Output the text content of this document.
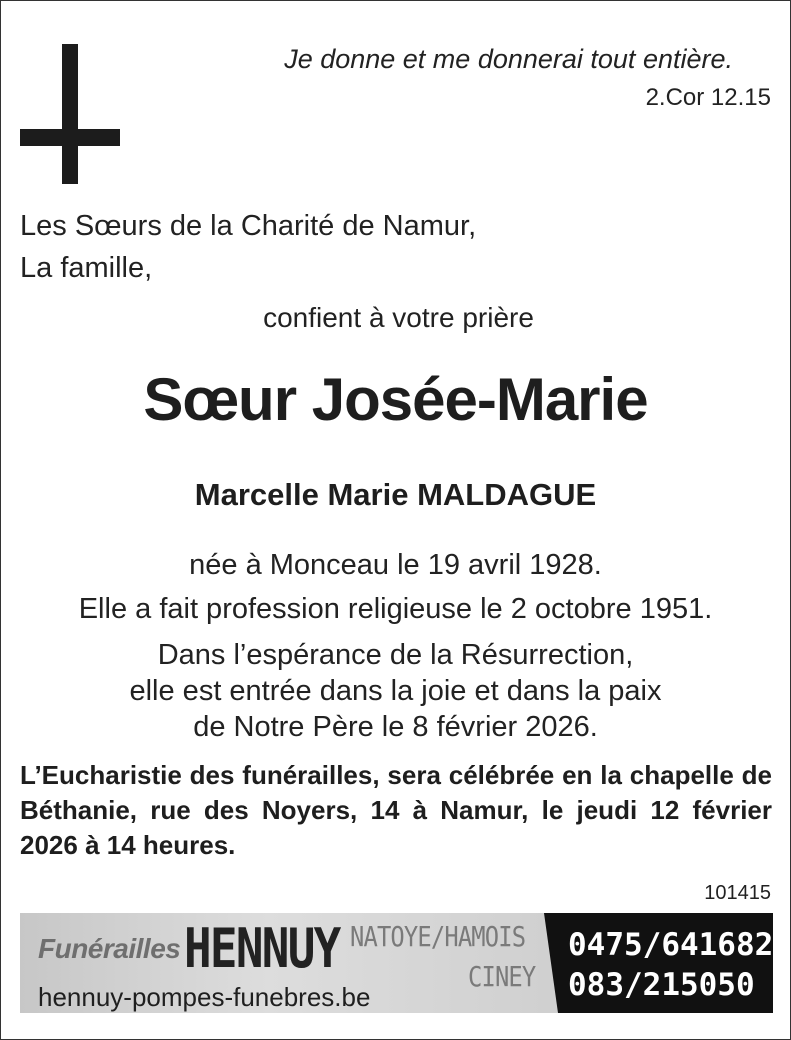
Je donne et me donnerai tout entière.
2.Cor 12.15
Les Sœurs de la Charité de Namur,
La famille,
confient à votre prière
Sœur Josée-Marie
Marcelle Marie MALDAGUE
née à Monceau le 19 avril 1928.
Elle a fait profession religieuse le 2 octobre 1951.
Dans l’espérance de la Résurrection,
elle est entrée dans la joie et dans la paix
de Notre Père le 8 février 2026.
L’Eucharistie des funérailles, sera célébrée en la chapelle de Béthanie, rue des Noyers, 14 à Namur, le jeudi 12 février 2026 à 14 heures.
101415
Funérailles HENNUY NATOYE/HAMOIS
CINEY
hennuy-pompes-funebres.be
0475/641682
083/215050
